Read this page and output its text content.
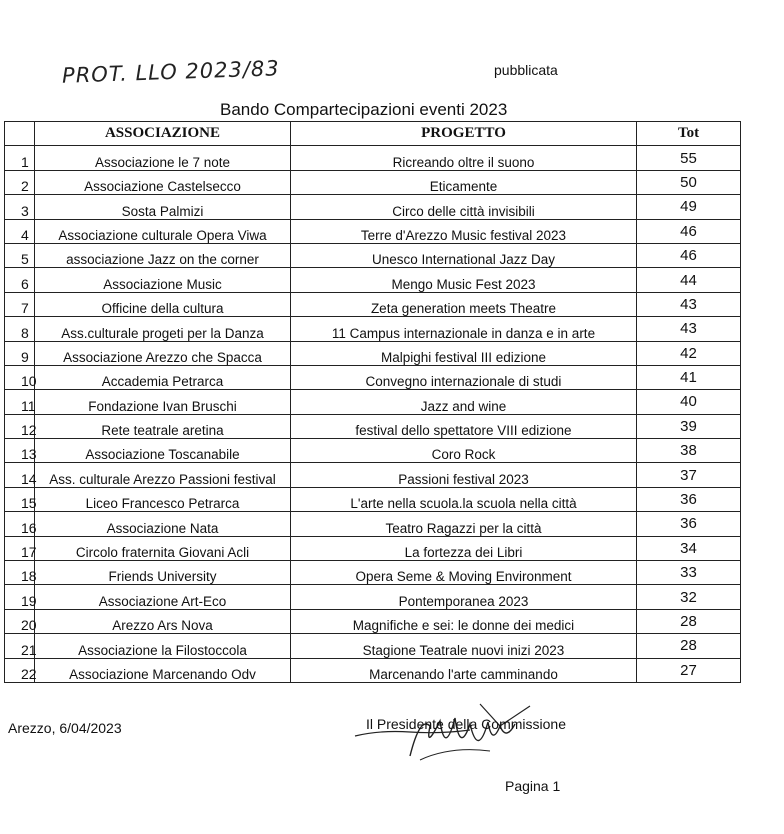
PROT. LLO 2023/83	pubblicata
Bando Compartecipazioni eventi 2023
	ASSOCIAZIONE	PROGETTO	Tot
1	Associazione le 7 note	Ricreando oltre il suono	55
2	Associazione Castelsecco	Eticamente	50
3	Sosta Palmizi	Circo delle città invisibili	49
4	Associazione culturale Opera Viwa	Terre d'Arezzo Music festival 2023	46
5	associazione Jazz on the corner	Unesco International Jazz Day	46
6	Associazione Music	Mengo Music Fest 2023	44
7	Officine della cultura	Zeta generation meets Theatre	43
8	Ass.culturale progeti per la Danza	11 Campus internazionale in danza e in arte	43
9	Associazione Arezzo che Spacca	Malpighi festival III edizione	42
10	Accademia Petrarca	Convegno internazionale di studi	41
11	Fondazione Ivan Bruschi	Jazz and wine	40
12	Rete teatrale aretina	festival dello spettatore VIII edizione	39
13	Associazione Toscanabile	Coro Rock	38
14	Ass. culturale Arezzo Passioni festival	Passioni festival 2023	37
15	Liceo Francesco Petrarca	L'arte nella scuola.la scuola nella città	36
16	Associazione Nata	Teatro Ragazzi per la città	36
17	Circolo fraternita Giovani Acli	La fortezza dei Libri	34
18	Friends University	Opera Seme & Moving Environment	33
19	Associazione Art-Eco	Pontemporanea 2023	32
20	Arezzo Ars Nova	Magnifiche e sei: le donne dei medici	28
21	Associazione la Filostoccola	Stagione Teatrale nuovi inizi 2023	28
22	Associazione Marcenando Odv	Marcenando l'arte camminando	27
Arezzo, 6/04/2023	Il Presidente della Commissione
Pagina 1
